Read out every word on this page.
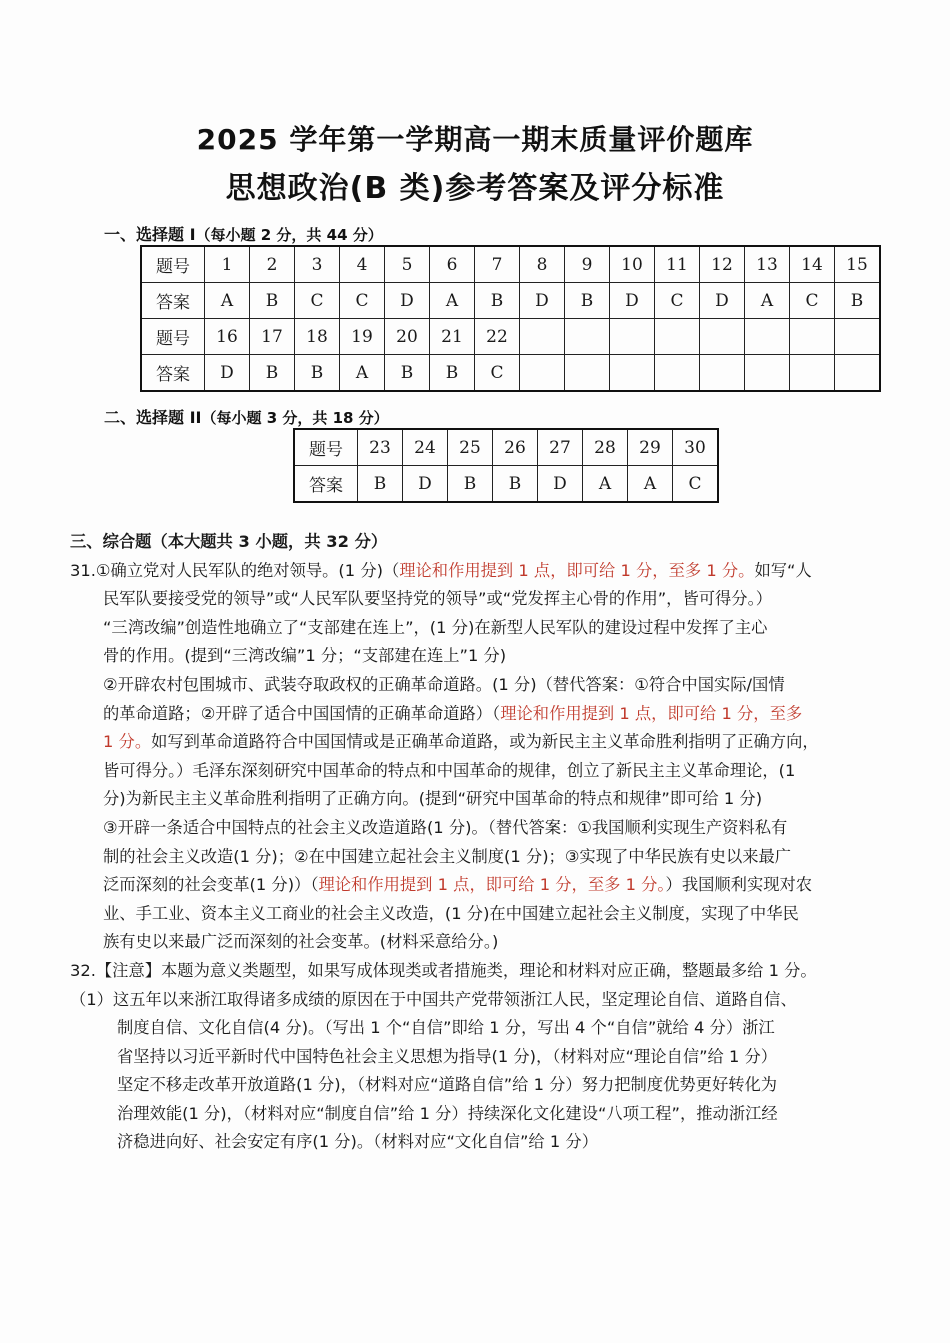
2025 学年第一学期高一期末质量评价题库
思想政治(B 类)参考答案及评分标准
一、选择题 I（每小题 2 分，共 44 分）
题号	1	2	3	4	5	6	7	8	9	10	11	12	13	14	15
答案	A	B	C	C	D	A	B	D	B	D	C	D	A	C	B
题号	16	17	18	19	20	21	22								
答案	D	B	B	A	B	B	C								
二、选择题 II（每小题 3 分，共 18 分）
题号	23	24	25	26	27	28	29	30
答案	B	D	B	B	D	A	A	C
三、综合题（本大题共 3 小题，共 32 分）
31.①确立党对人民军队的绝对领导。(1 分)（理论和作用提到 1 点，即可给 1 分，至多 1 分。如写“人
民军队要接受党的领导”或“人民军队要坚持党的领导”或“党发挥主心骨的作用”，皆可得分。）
“三湾改编”创造性地确立了“支部建在连上”，(1 分)在新型人民军队的建设过程中发挥了主心
骨的作用。(提到“三湾改编”1 分；“支部建在连上”1 分)
②开辟农村包围城市、武装夺取政权的正确革命道路。(1 分)（替代答案：①符合中国实际/国情
的革命道路；②开辟了适合中国国情的正确革命道路）（理论和作用提到 1 点，即可给 1 分，至多
1 分。如写到革命道路符合中国国情或是正确革命道路，或为新民主主义革命胜利指明了正确方向，
皆可得分。）毛泽东深刻研究中国革命的特点和中国革命的规律，创立了新民主主义革命理论，(1
分)为新民主主义革命胜利指明了正确方向。(提到“研究中国革命的特点和规律”即可给 1 分)
③开辟一条适合中国特点的社会主义改造道路(1 分)。（替代答案：①我国顺利实现生产资料私有
制的社会主义改造(1 分)；②在中国建立起社会主义制度(1 分)；③实现了中华民族有史以来最广
泛而深刻的社会变革(1 分)）（理论和作用提到 1 点，即可给 1 分，至多 1 分。）我国顺利实现对农
业、手工业、资本主义工商业的社会主义改造，(1 分)在中国建立起社会主义制度，实现了中华民
族有史以来最广泛而深刻的社会变革。(材料采意给分。)
32.【注意】本题为意义类题型，如果写成体现类或者措施类，理论和材料对应正确，整题最多给 1 分。
（1）这五年以来浙江取得诸多成绩的原因在于中国共产党带领浙江人民，坚定理论自信、道路自信、
制度自信、文化自信(4 分)。（写出 1 个“自信”即给 1 分，写出 4 个“自信”就给 4 分）浙江
省坚持以习近平新时代中国特色社会主义思想为指导(1 分)，（材料对应“理论自信”给 1 分）
坚定不移走改革开放道路(1 分)，（材料对应“道路自信”给 1 分）努力把制度优势更好转化为
治理效能(1 分)，（材料对应“制度自信”给 1 分）持续深化文化建设“八项工程”，推动浙江经
济稳进向好、社会安定有序(1 分)。（材料对应“文化自信”给 1 分）
